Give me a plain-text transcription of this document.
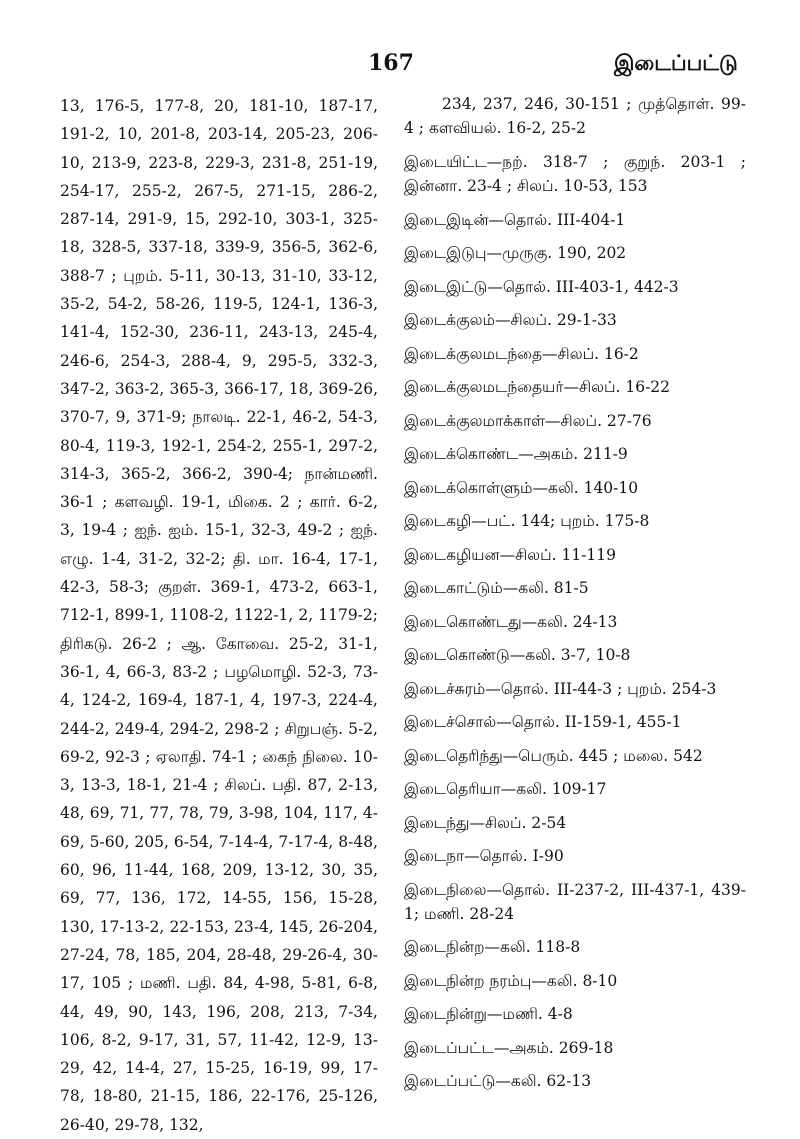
167	இடைப்பட்டு

13, 176-5, 177-8, 20, 181-10, 187-17, 191-2, 10, 201-8, 203-14, 205-23, 206-10, 213-9, 223-8, 229-3, 231-8, 251-19, 254-17, 255-2, 267-5, 271-15, 286-2, 287-14, 291-9, 15, 292-10, 303-1, 325-18, 328-5, 337-18, 339-9, 356-5, 362-6, 388-7 ; புறம். 5-11, 30-13, 31-10, 33-12, 35-2, 54-2, 58-26, 119-5, 124-1, 136-3, 141-4, 152-30, 236-11, 243-13, 245-4, 246-6, 254-3, 288-4, 9, 295-5, 332-3, 347-2, 363-2, 365-3, 366-17, 18, 369-26, 370-7, 9, 371-9; நாலடி. 22-1, 46-2, 54-3, 80-4, 119-3, 192-1, 254-2, 255-1, 297-2, 314-3, 365-2, 366-2, 390-4; நான்மணி. 36-1 ; களவழி. 19-1, மிகை. 2 ; கார். 6-2, 3, 19-4 ; ஐந். ஐம். 15-1, 32-3, 49-2 ; ஐந். எழு. 1-4, 31-2, 32-2; தி. மா. 16-4, 17-1, 42-3, 58-3; குறள். 369-1, 473-2, 663-1, 712-1, 899-1, 1108-2, 1122-1, 2, 1179-2; திரிகடு. 26-2 ; ஆ. கோவை. 25-2, 31-1, 36-1, 4, 66-3, 83-2 ; பழமொழி. 52-3, 73-4, 124-2, 169-4, 187-1, 4, 197-3, 224-4, 244-2, 249-4, 294-2, 298-2 ; சிறுபஞ். 5-2, 69-2, 92-3 ; ஏலாதி. 74-1 ; கைந் நிலை. 10-3, 13-3, 18-1, 21-4 ; சிலப். பதி. 87, 2-13, 48, 69, 71, 77, 78, 79, 3-98, 104, 117, 4-69, 5-60, 205, 6-54, 7-14-4, 7-17-4, 8-48, 60, 96, 11-44, 168, 209, 13-12, 30, 35, 69, 77, 136, 172, 14-55, 156, 15-28, 130, 17-13-2, 22-153, 23-4, 145, 26-204, 27-24, 78, 185, 204, 28-48, 29-26-4, 30-17, 105 ; மணி. பதி. 84, 4-98, 5-81, 6-8, 44, 49, 90, 143, 196, 208, 213, 7-34, 106, 8-2, 9-17, 31, 57, 11-42, 12-9, 13-29, 42, 14-4, 27, 15-25, 16-19, 99, 17-78, 18-80, 21-15, 186, 22-176, 25-126, 26-40, 29-78, 132,

234, 237, 246, 30-151 ; முத்தொள். 99-4 ; களவியல். 16-2, 25-2

இடையிட்ட—நற். 318-7 ; குறுந். 203-1 ; இன்னா. 23-4 ; சிலப். 10-53, 153

இடைஇடின்—தொல். III-404-1

இடைஇடுபு—முருகு. 190, 202

இடைஇட்டு—தொல். III-403-1, 442-3

இடைக்குலம்—சிலப். 29-1-33

இடைக்குலமடந்தை—சிலப். 16-2

இடைக்குலமடந்தையர்—சிலப். 16-22

இடைக்குலமாக்காள்—சிலப். 27-76

இடைக்கொண்ட—அகம். 211-9

இடைக்கொள்ளும்—கலி. 140-10

இடைகழி—பட். 144; புறம். 175-8

இடைகழியன—சிலப். 11-119

இடைகாட்டும்—கலி. 81-5

இடைகொண்டது—கலி. 24-13

இடைகொண்டு—கலி. 3-7, 10-8

இடைச்சுரம்—தொல். III-44-3 ; புறம். 254-3

இடைச்சொல்—தொல். II-159-1, 455-1

இடைதெரிந்து—பெரும். 445 ; மலை. 542

இடைதெரியா—கலி. 109-17

இடைந்து—சிலப். 2-54

இடைநா—தொல். I-90

இடைநிலை—தொல். II-237-2, III-437-1, 439-1; மணி. 28-24

இடைநின்ற—கலி. 118-8

இடைநின்ற நரம்பு—கலி. 8-10

இடைநின்று—மணி. 4-8

இடைப்பட்ட—அகம். 269-18

இடைப்பட்டு—கலி. 62-13
